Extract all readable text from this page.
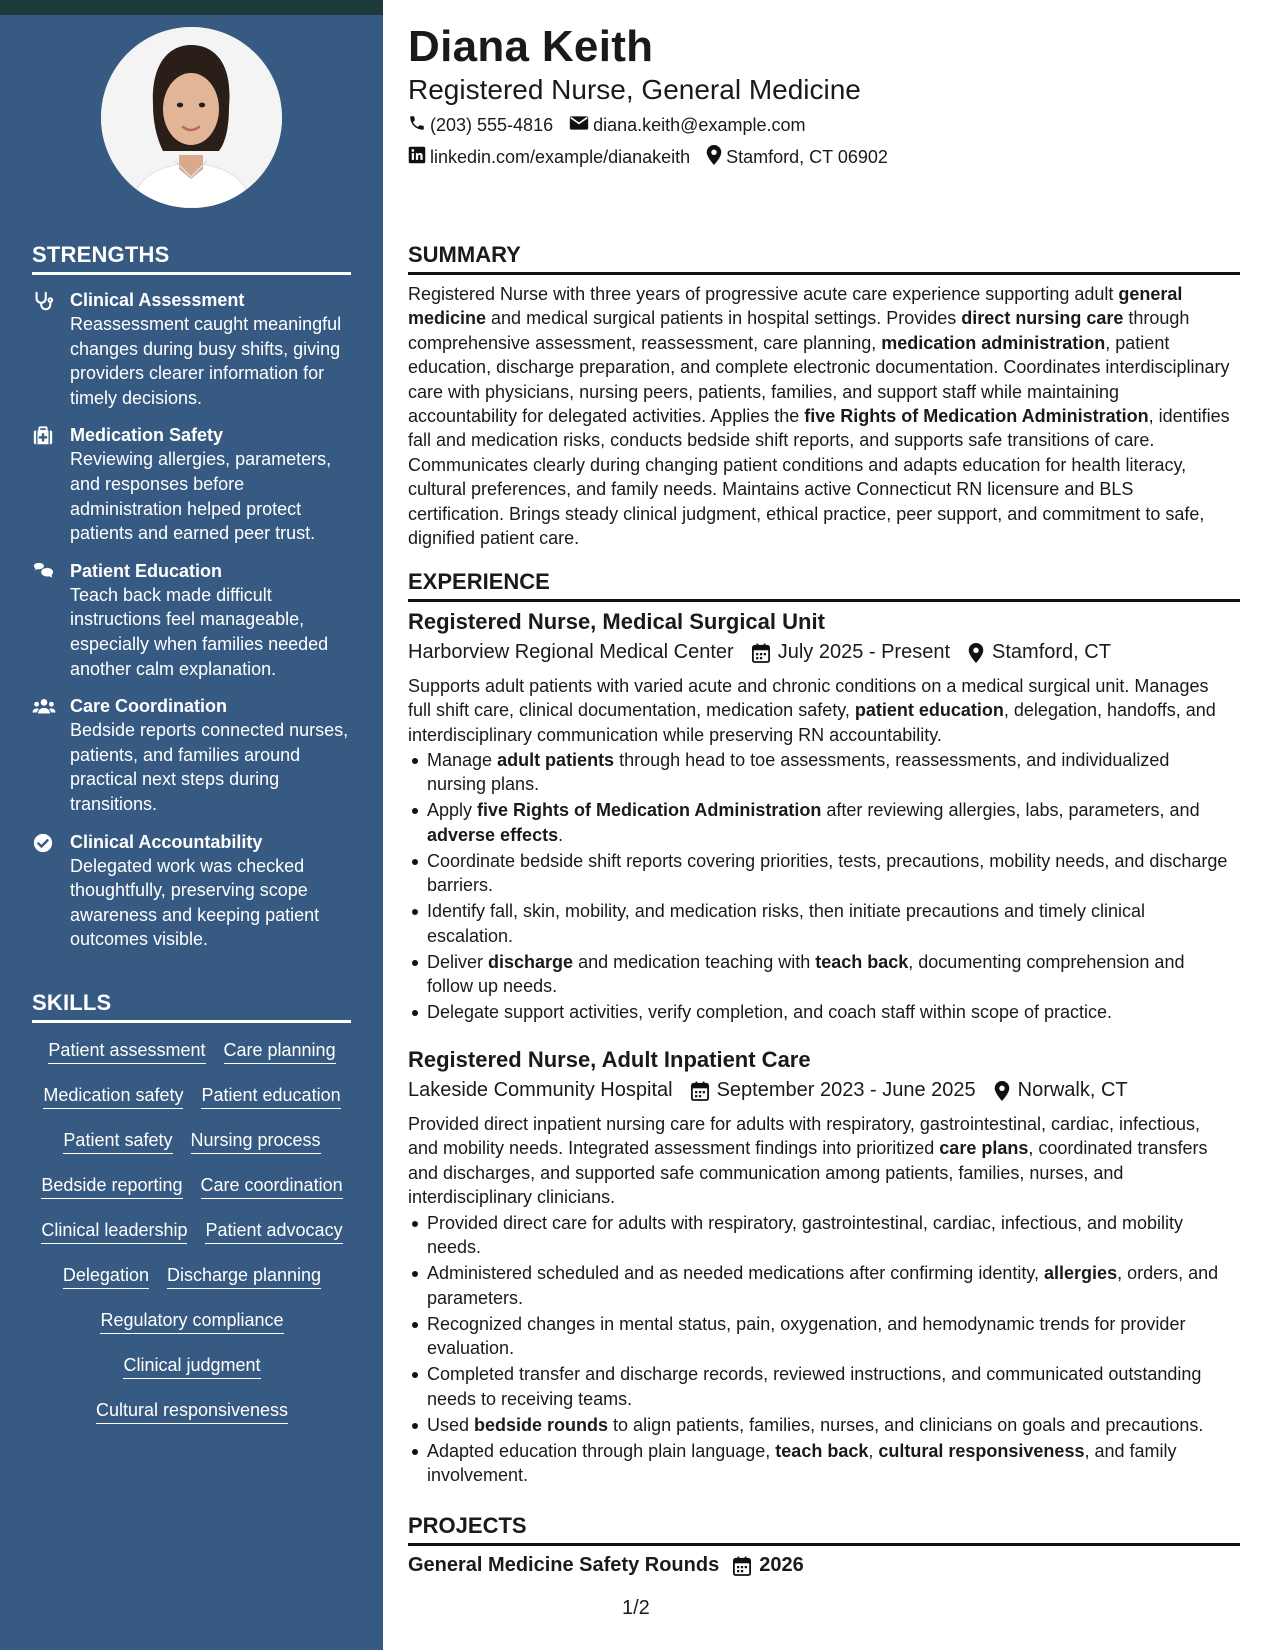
STRENGTHS
Clinical Assessment
Reassessment caught meaningful changes during busy shifts, giving providers clearer information for timely decisions.
Medication Safety
Reviewing allergies, parameters, and responses before administration helped protect patients and earned peer trust.
Patient Education
Teach back made difficult instructions feel manageable, especially when families needed another calm explanation.
Care Coordination
Bedside reports connected nurses, patients, and families around practical next steps during transitions.
Clinical Accountability
Delegated work was checked thoughtfully, preserving scope awareness and keeping patient outcomes visible.
SKILLS
Patient assessment Care planning
Medication safety Patient education
Patient safety Nursing process
Bedside reporting Care coordination
Clinical leadership Patient advocacy
Delegation Discharge planning
Regulatory compliance
Clinical judgment
Cultural responsiveness
Diana Keith
Registered Nurse, General Medicine
(203) 555-4816 diana.keith@example.com
linkedin.com/example/dianakeith Stamford, CT 06902
SUMMARY
Registered Nurse with three years of progressive acute care experience supporting adult general medicine and medical surgical patients in hospital settings. Provides direct nursing care through comprehensive assessment, reassessment, care planning, medication administration, patient education, discharge preparation, and complete electronic documentation. Coordinates interdisciplinary care with physicians, nursing peers, patients, families, and support staff while maintaining accountability for delegated activities. Applies the five Rights of Medication Administration, identifies fall and medication risks, conducts bedside shift reports, and supports safe transitions of care. Communicates clearly during changing patient conditions and adapts education for health literacy, cultural preferences, and family needs. Maintains active Connecticut RN licensure and BLS certification. Brings steady clinical judgment, ethical practice, peer support, and commitment to safe, dignified patient care.
EXPERIENCE
Registered Nurse, Medical Surgical Unit
Harborview Regional Medical Center July 2025 - Present Stamford, CT
Supports adult patients with varied acute and chronic conditions on a medical surgical unit. Manages full shift care, clinical documentation, medication safety, patient education, delegation, handoffs, and interdisciplinary communication while preserving RN accountability.
Manage adult patients through head to toe assessments, reassessments, and individualized nursing plans.
Apply five Rights of Medication Administration after reviewing allergies, labs, parameters, and adverse effects.
Coordinate bedside shift reports covering priorities, tests, precautions, mobility needs, and discharge barriers.
Identify fall, skin, mobility, and medication risks, then initiate precautions and timely clinical escalation.
Deliver discharge and medication teaching with teach back, documenting comprehension and follow up needs.
Delegate support activities, verify completion, and coach staff within scope of practice.
Registered Nurse, Adult Inpatient Care
Lakeside Community Hospital September 2023 - June 2025 Norwalk, CT
Provided direct inpatient nursing care for adults with respiratory, gastrointestinal, cardiac, infectious, and mobility needs. Integrated assessment findings into prioritized care plans, coordinated transfers and discharges, and supported safe communication among patients, families, nurses, and interdisciplinary clinicians.
Provided direct care for adults with respiratory, gastrointestinal, cardiac, infectious, and mobility needs.
Administered scheduled and as needed medications after confirming identity, allergies, orders, and parameters.
Recognized changes in mental status, pain, oxygenation, and hemodynamic trends for provider evaluation.
Completed transfer and discharge records, reviewed instructions, and communicated outstanding needs to receiving teams.
Used bedside rounds to align patients, families, nurses, and clinicians on goals and precautions.
Adapted education through plain language, teach back, cultural responsiveness, and family involvement.
PROJECTS
General Medicine Safety Rounds 2026
1/2
